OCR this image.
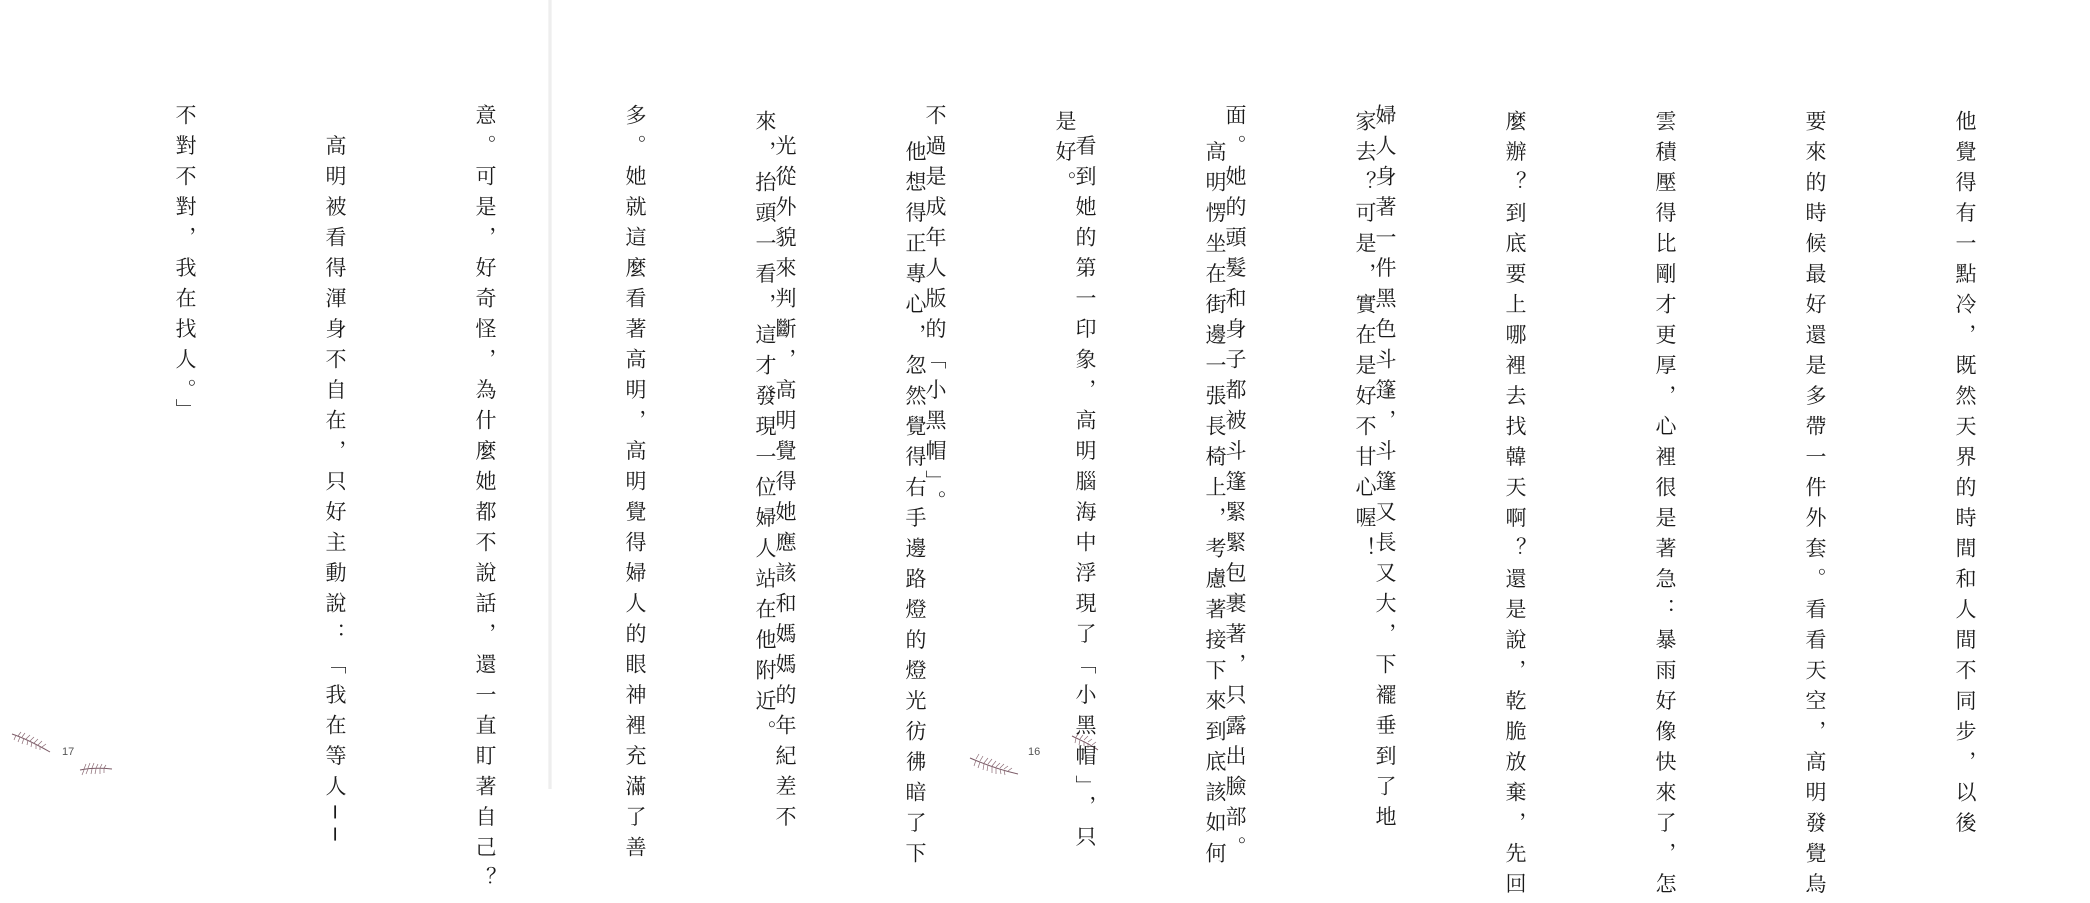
17	16

	他覺得有一點冷，既然天界的時間和人間不同步，以後

要來的時候最好還是多帶一件外套。看看天空，高明發覺烏

雲積壓得比剛才更厚，心裡很是著急：暴雨好像快來了，怎

麼辦？到底要上哪裡去找韓天啊？還是說，乾脆放棄，先回

家去？可是，實在是好不甘心喔！

　高明愣坐在街邊一張長椅上，考慮著接下來到底該如何

是好。

　他想得正專心，忽然覺得右手邊路燈的燈光彷彿暗了下

來，抬頭一看，這才發現一位婦人站在他附近。

	婦人身著一件黑色斗篷，斗篷又長又大，下襬垂到了地

面。她的頭髮和身子都被斗篷緊緊包裹著，只露出臉部。

　看到她的第一印象，高明腦海中浮現了「小黑帽」，只

不過是成年人版的「小黑帽」。

　光從外貌來判斷，高明覺得她應該和媽媽的年紀差不

多。她就這麼看著高明，高明覺得婦人的眼神裡充滿了善

意。可是，好奇怪，為什麼她都不說話，還一直盯著自己？

　高明被看得渾身不自在，只好主動說：「我在等人──

不對不對，我在找人。」
